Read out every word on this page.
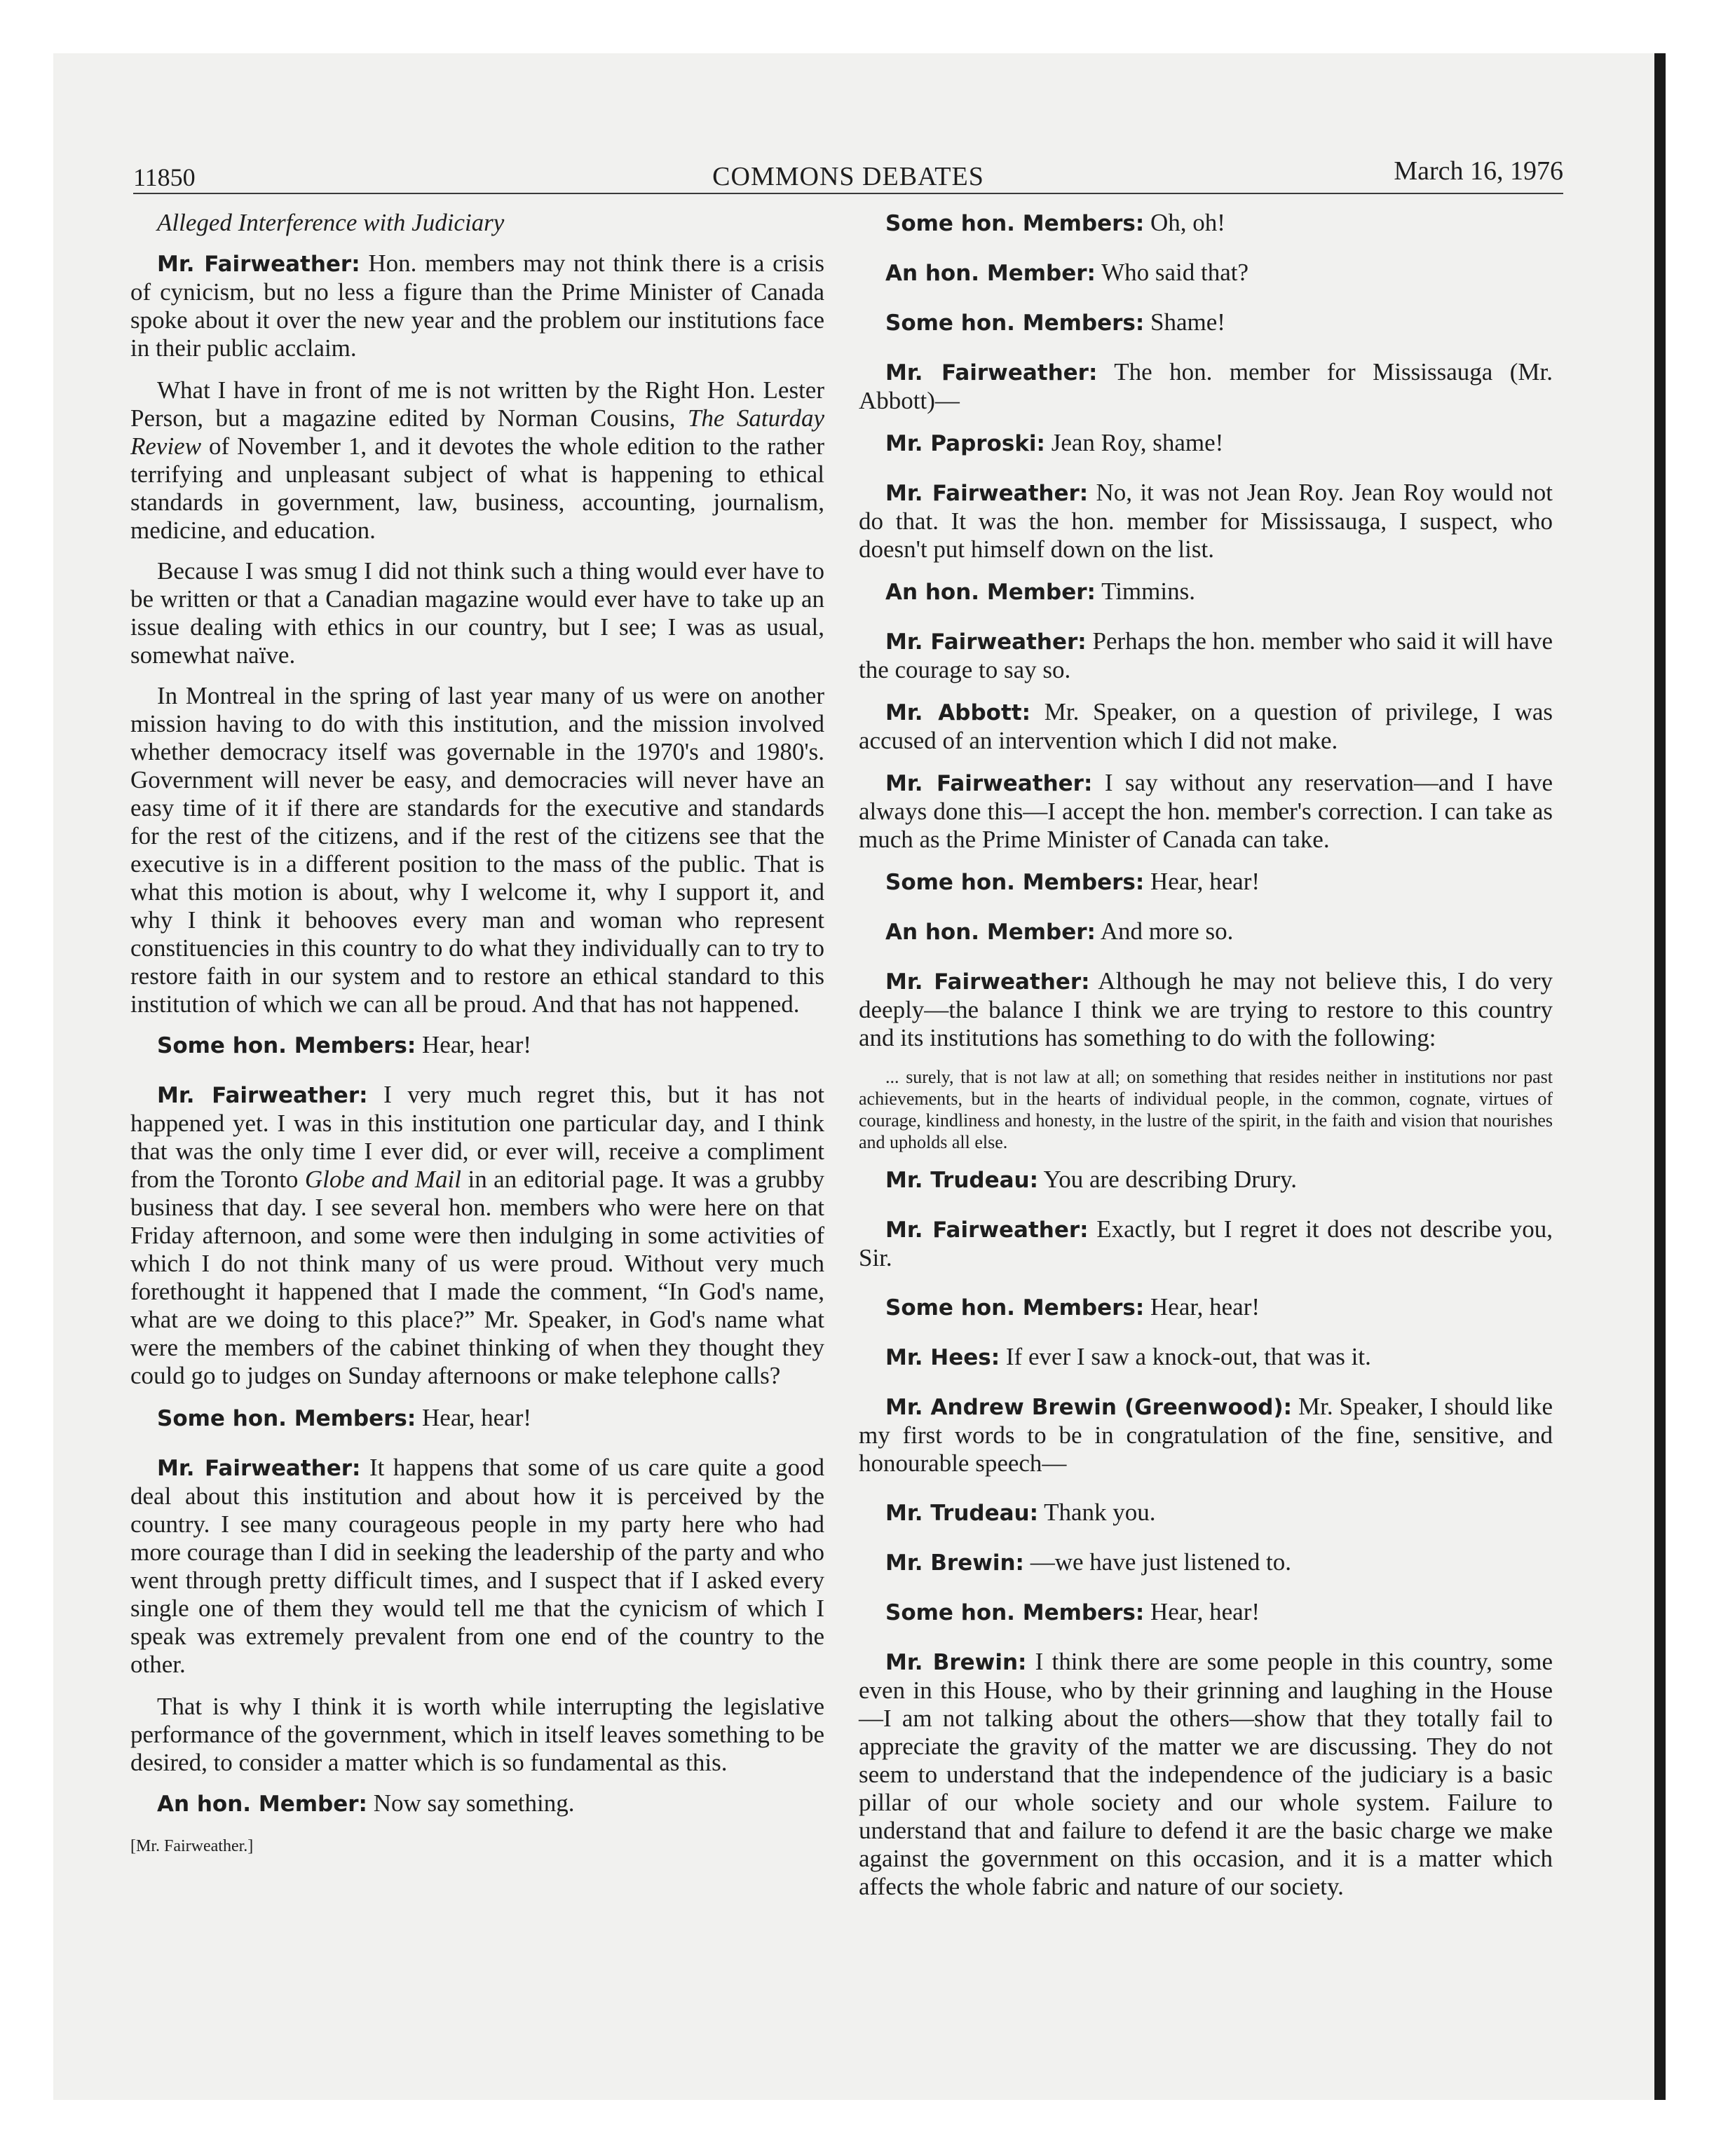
11850	COMMONS DEBATES	March 16, 1976

Alleged Interference with Judiciary

Mr. Fairweather: Hon. members may not think there is a crisis of cynicism, but no less a figure than the Prime Minister of Canada spoke about it over the new year and the problem our institutions face in their public acclaim.

What I have in front of me is not written by the Right Hon. Lester Person, but a magazine edited by Norman Cousins, The Saturday Review of November 1, and it devotes the whole edition to the rather terrifying and unpleasant subject of what is happening to ethical standards in government, law, business, accounting, journalism, medicine, and education.

Because I was smug I did not think such a thing would ever have to be written or that a Canadian magazine would ever have to take up an issue dealing with ethics in our country, but I see; I was as usual, somewhat naïve.

In Montreal in the spring of last year many of us were on another mission having to do with this institution, and the mission involved whether democracy itself was governable in the 1970's and 1980's. Government will never be easy, and democracies will never have an easy time of it if there are standards for the executive and standards for the rest of the citizens, and if the rest of the citizens see that the executive is in a different position to the mass of the public. That is what this motion is about, why I welcome it, why I support it, and why I think it behooves every man and woman who represent constituencies in this country to do what they individually can to try to restore faith in our system and to restore an ethical standard to this institution of which we can all be proud. And that has not happened.

Some hon. Members: Hear, hear!

Mr. Fairweather: I very much regret this, but it has not happened yet. I was in this institution one particular day, and I think that was the only time I ever did, or ever will, receive a compliment from the Toronto Globe and Mail in an editorial page. It was a grubby business that day. I see several hon. members who were here on that Friday afternoon, and some were then indulging in some activities of which I do not think many of us were proud. Without very much forethought it happened that I made the comment, “In God's name, what are we doing to this place?” Mr. Speaker, in God's name what were the members of the cabinet thinking of when they thought they could go to judges on Sunday afternoons or make telephone calls?

Some hon. Members: Hear, hear!

Mr. Fairweather: It happens that some of us care quite a good deal about this institution and about how it is perceived by the country. I see many courageous people in my party here who had more courage than I did in seeking the leadership of the party and who went through pretty difficult times, and I suspect that if I asked every single one of them they would tell me that the cynicism of which I speak was extremely prevalent from one end of the country to the other.

That is why I think it is worth while interrupting the legislative performance of the government, which in itself leaves something to be desired, to consider a matter which is so fundamental as this.

An hon. Member: Now say something.

[Mr. Fairweather.]

Some hon. Members: Oh, oh!

An hon. Member: Who said that?

Some hon. Members: Shame!

Mr. Fairweather: The hon. member for Mississauga (Mr. Abbott)—

Mr. Paproski: Jean Roy, shame!

Mr. Fairweather: No, it was not Jean Roy. Jean Roy would not do that. It was the hon. member for Mississauga, I suspect, who doesn't put himself down on the list.

An hon. Member: Timmins.

Mr. Fairweather: Perhaps the hon. member who said it will have the courage to say so.

Mr. Abbott: Mr. Speaker, on a question of privilege, I was accused of an intervention which I did not make.

Mr. Fairweather: I say without any reservation—and I have always done this—I accept the hon. member's correction. I can take as much as the Prime Minister of Canada can take.

Some hon. Members: Hear, hear!

An hon. Member: And more so.

Mr. Fairweather: Although he may not believe this, I do very deeply—the balance I think we are trying to restore to this country and its institutions has something to do with the following:

... surely, that is not law at all; on something that resides neither in institutions nor past achievements, but in the hearts of individual people, in the common, cognate, virtues of courage, kindliness and honesty, in the lustre of the spirit, in the faith and vision that nourishes and upholds all else.

Mr. Trudeau: You are describing Drury.

Mr. Fairweather: Exactly, but I regret it does not describe you, Sir.

Some hon. Members: Hear, hear!

Mr. Hees: If ever I saw a knock-out, that was it.

Mr. Andrew Brewin (Greenwood): Mr. Speaker, I should like my first words to be in congratulation of the fine, sensitive, and honourable speech—

Mr. Trudeau: Thank you.

Mr. Brewin: —we have just listened to.

Some hon. Members: Hear, hear!

Mr. Brewin: I think there are some people in this country, some even in this House, who by their grinning and laughing in the House—I am not talking about the others—show that they totally fail to appreciate the gravity of the matter we are discussing. They do not seem to understand that the independence of the judiciary is a basic pillar of our whole society and our whole system. Failure to understand that and failure to defend it are the basic charge we make against the government on this occasion, and it is a matter which affects the whole fabric and nature of our society.
